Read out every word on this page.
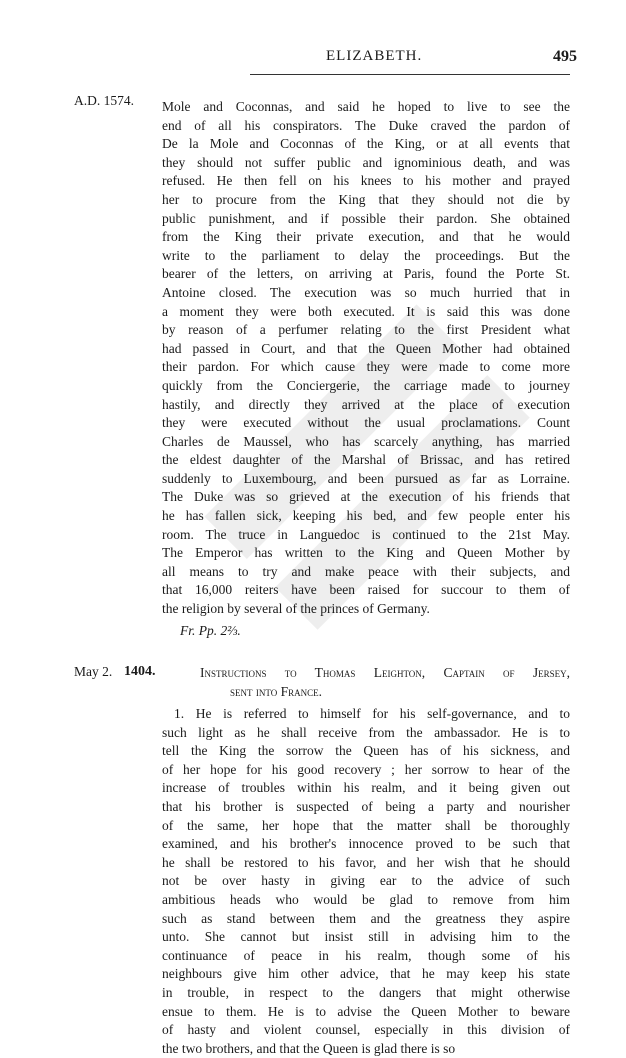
ELIZABETH.	495
A.D. 1574. Mole and Coconnas, and said he hoped to live to see the
end of all his conspirators. The Duke craved the pardon of
De la Mole and Coconnas of the King, or at all events that
they should not suffer public and ignominious death, and was
refused. He then fell on his knees to his mother and prayed
her to procure from the King that they should not die by
public punishment, and if possible their pardon. She obtained
from the King their private execution, and that he would
write to the parliament to delay the proceedings. But the
bearer of the letters, on arriving at Paris, found the Porte St.
Antoine closed. The execution was so much hurried that in
a moment they were both executed. It is said this was done
by reason of a perfumer relating to the first President what
had passed in Court, and that the Queen Mother had obtained
their pardon. For which cause they were made to come more
quickly from the Conciergerie, the carriage made to journey
hastily, and directly they arrived at the place of execution
they were executed without the usual proclamations. Count
Charles de Maussel, who has scarcely anything, has married
the eldest daughter of the Marshal of Brissac, and has retired
suddenly to Luxembourg, and been pursued as far as Lorraine.
The Duke was so grieved at the execution of his friends that
he has fallen sick, keeping his bed, and few people enter his
room. The truce in Languedoc is continued to the 21st May.
The Emperor has written to the King and Queen Mother by
all means to try and make peace with their subjects, and
that 16,000 reiters have been raised for succour to them of
the religion by several of the princes of Germany.
Fr. Pp. 2⅔.
May 2. 1404.	Instructions to Thomas Leighton, Captain of Jersey,
sent into France.
1. He is referred to himself for his self-governance, and to
such light as he shall receive from the ambassador. He is to
tell the King the sorrow the Queen has of his sickness, and
of her hope for his good recovery ; her sorrow to hear of the
increase of troubles within his realm, and it being given out
that his brother is suspected of being a party and nourisher
of the same, her hope that the matter shall be thoroughly
examined, and his brother's innocence proved to be such that
he shall be restored to his favor, and her wish that he should
not be over hasty in giving ear to the advice of such
ambitious heads who would be glad to remove from him
such as stand between them and the greatness they aspire
unto. She cannot but insist still in advising him to the
continuance of peace in his realm, though some of his
neighbours give him other advice, that he may keep his state
in trouble, in respect to the dangers that might otherwise
ensue to them. He is to advise the Queen Mother to beware
of hasty and violent counsel, especially in this division of
the two brothers, and that the Queen is glad there is so
